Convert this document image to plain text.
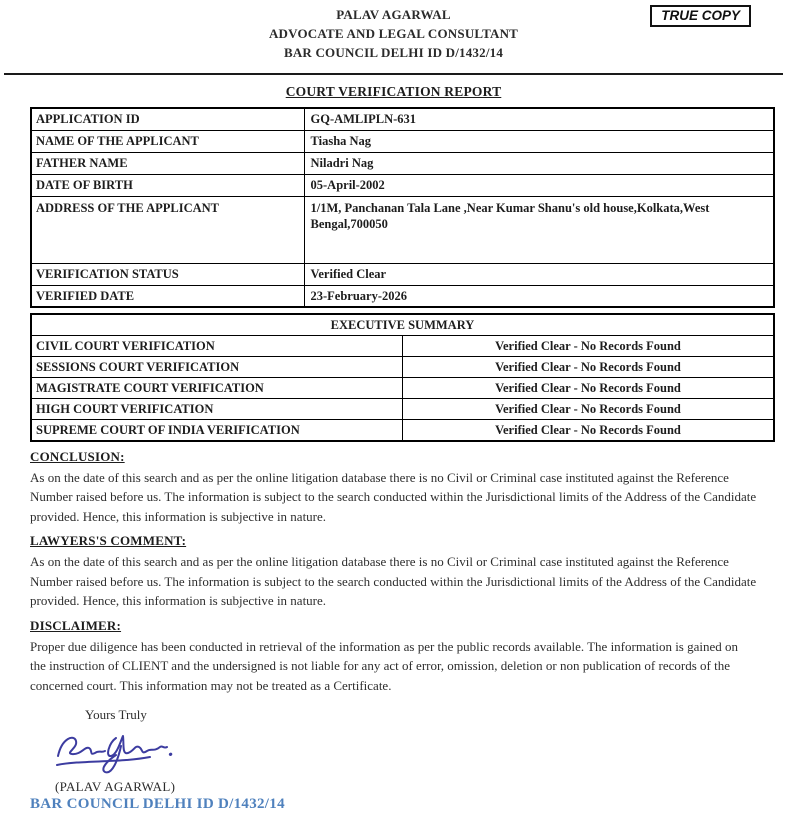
PALAV AGARWAL
ADVOCATE AND LEGAL CONSULTANT
BAR COUNCIL DELHI ID D/1432/14
TRUE COPY
COURT VERIFICATION REPORT
APPLICATION ID	GQ-AMLIPLN-631
NAME OF THE APPLICANT	Tiasha Nag
FATHER NAME	Niladri Nag
DATE OF BIRTH	05-April-2002
ADDRESS OF THE APPLICANT	1/1M, Panchanan Tala Lane ,Near Kumar Shanu's old house,Kolkata,West Bengal,700050
VERIFICATION STATUS	Verified Clear
VERIFIED DATE	23-February-2026
EXECUTIVE SUMMARY	
CIVIL COURT VERIFICATION	Verified Clear - No Records Found
SESSIONS COURT VERIFICATION	Verified Clear - No Records Found
MAGISTRATE COURT VERIFICATION	Verified Clear - No Records Found
HIGH COURT VERIFICATION	Verified Clear - No Records Found
SUPREME COURT OF INDIA VERIFICATION	Verified Clear - No Records Found
CONCLUSION:

As on the date of this search and as per the online litigation database there is no Civil or Criminal case instituted against the Reference Number raised before us. The information is subject to the search conducted within the Jurisdictional limits of the Address of the Candidate provided. Hence, this information is subjective in nature.

LAWYERS'S COMMENT:

As on the date of this search and as per the online litigation database there is no Civil or Criminal case instituted against the Reference Number raised before us. The information is subject to the search conducted within the Jurisdictional limits of the Address of the Candidate provided. Hence, this information is subjective in nature.

DISCLAIMER:

Proper due diligence has been conducted in retrieval of the information as per the public records available. The information is gained on the instruction of CLIENT and the undersigned is not liable for any act of error, omission, deletion or non publication of records of the concerned court. This information may not be treated as a Certificate.

Yours Truly
(PALAV AGARWAL)
BAR COUNCIL DELHI ID D/1432/14
